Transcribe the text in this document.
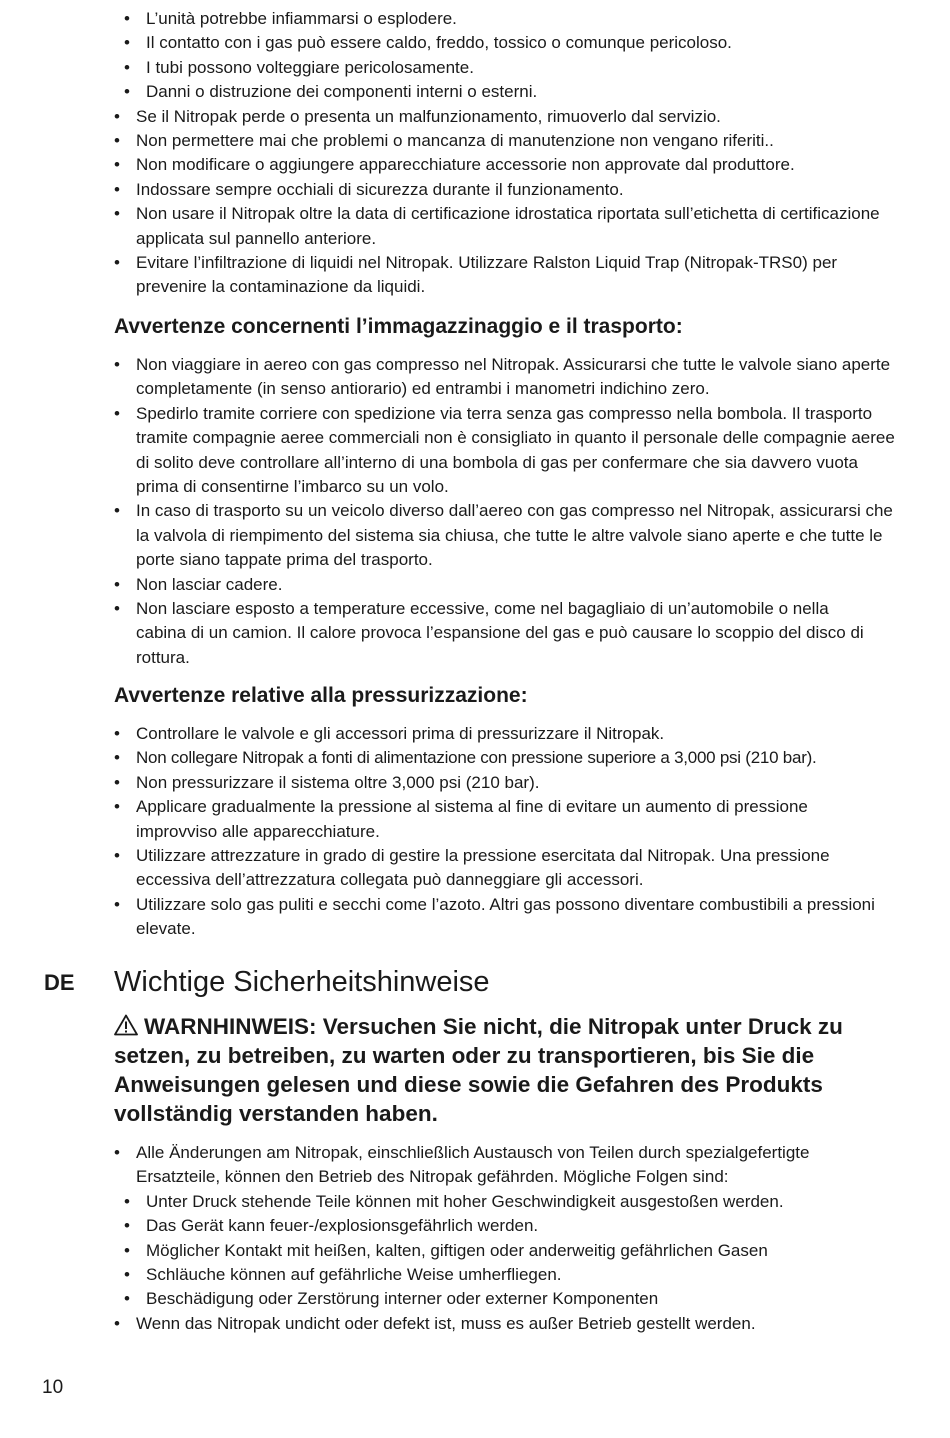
• L’unità potrebbe infiammarsi o esplodere.
• Il contatto con i gas può essere caldo, freddo, tossico o comunque pericoloso.
• I tubi possono volteggiare pericolosamente.
• Danni o distruzione dei componenti interni o esterni.
• Se il Nitropak perde o presenta un malfunzionamento, rimuoverlo dal servizio.
• Non permettere mai che problemi o mancanza di manutenzione non vengano riferiti..
• Non modificare o aggiungere apparecchiature accessorie non approvate dal produttore.
• Indossare sempre occhiali di sicurezza durante il funzionamento.
• Non usare il Nitropak oltre la data di certificazione idrostatica riportata sull’etichetta di certificazione applicata sul pannello anteriore.
• Evitare l’infiltrazione di liquidi nel Nitropak. Utilizzare Ralston Liquid Trap (Nitropak-TRS0) per prevenire la contaminazione da liquidi.
Avvertenze concernenti l’immagazzinaggio e il trasporto:
• Non viaggiare in aereo con gas compresso nel Nitropak. Assicurarsi che tutte le valvole siano aperte completamente (in senso antiorario) ed entrambi i manometri indichino zero.
• Spedirlo tramite corriere con spedizione via terra senza gas compresso nella bombola. Il trasporto tramite compagnie aeree commerciali non è consigliato in quanto il personale delle compagnie aeree di solito deve controllare all’interno di una bombola di gas per confermare che sia davvero vuota prima di consentirne l’imbarco su un volo.
• In caso di trasporto su un veicolo diverso dall’aereo con gas compresso nel Nitropak, assicurarsi che la valvola di riempimento del sistema sia chiusa, che tutte le altre valvole siano aperte e che tutte le porte siano tappate prima del trasporto.
• Non lasciar cadere.
• Non lasciare esposto a temperature eccessive, come nel bagagliaio di un’automobile o nella cabina di un camion. Il calore provoca l’espansione del gas e può causare lo scoppio del disco di rottura.
Avvertenze relative alla pressurizzazione:
• Controllare le valvole e gli accessori prima di pressurizzare il Nitropak.
• Non collegare Nitropak a fonti di alimentazione con pressione superiore a 3,000 psi (210 bar).
• Non pressurizzare il sistema oltre 3,000 psi (210 bar).
• Applicare gradualmente la pressione al sistema al fine di evitare un aumento di pressione improvviso alle apparecchiature.
• Utilizzare attrezzature in grado di gestire la pressione esercitata dal Nitropak. Una pressione eccessiva dell’attrezzatura collegata può danneggiare gli accessori.
• Utilizzare solo gas puliti e secchi come l’azoto. Altri gas possono diventare combustibili a pressioni elevate.
DE Wichtige Sicherheitshinweise

WARNHINWEIS: Versuchen Sie nicht, die Nitropak unter Druck zu setzen, zu betreiben, zu warten oder zu transportieren, bis Sie die Anweisungen gelesen und diese sowie die Gefahren des Produkts vollständig verstanden haben.

• Alle Änderungen am Nitropak, einschließlich Austausch von Teilen durch spezialgefertigte Ersatzteile, können den Betrieb des Nitropak gefährden. Mögliche Folgen sind:
• Unter Druck stehende Teile können mit hoher Geschwindigkeit ausgestoßen werden.
• Das Gerät kann feuer-/explosionsgefährlich werden.
• Möglicher Kontakt mit heißen, kalten, giftigen oder anderweitig gefährlichen Gasen
• Schläuche können auf gefährliche Weise umherfliegen.
• Beschädigung oder Zerstörung interner oder externer Komponenten
• Wenn das Nitropak undicht oder defekt ist, muss es außer Betrieb gestellt werden.
10
